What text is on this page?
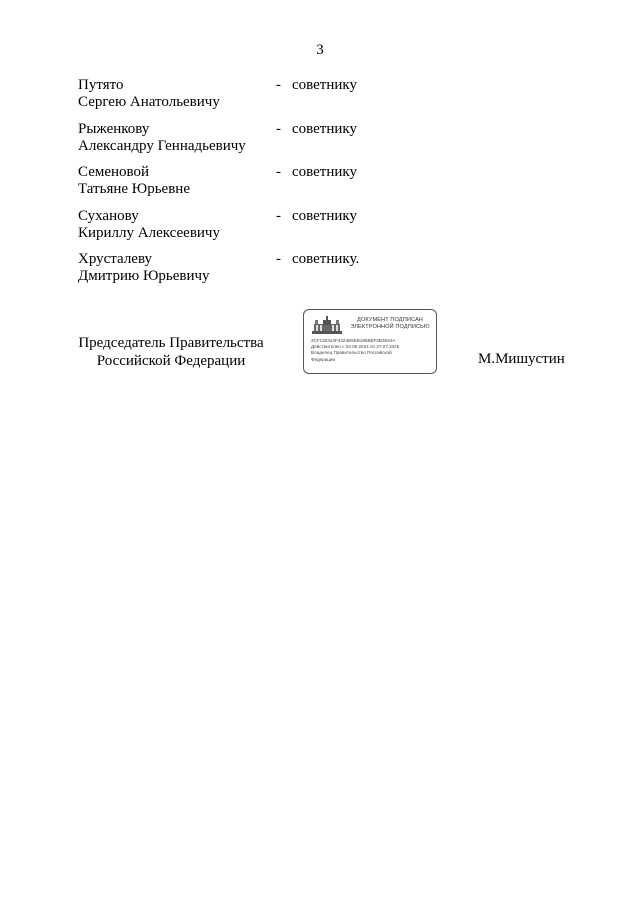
3
Путято
Сергею Анатольевичу
- советнику
Рыженкову
Александру Геннадьевичу
- советнику
Семеновой
Татьяне Юрьевне
- советнику
Суханову
Кириллу Алексеевичу
- советнику
Хрусталеву
Дмитрию Юрьевичу
- советнику.
Председатель Правительства
Российской Федерации
ДОКУМЕНТ ПОДПИСАН
ЭЛЕКТРОННОЙ ПОДПИСЬЮ
2CF120424F4424B5EB198BBF2B3634A
Действителен с 03.05.2024 по 27.07.2025
Владелец Правительство Российской
Федерации	М.Мишустин
